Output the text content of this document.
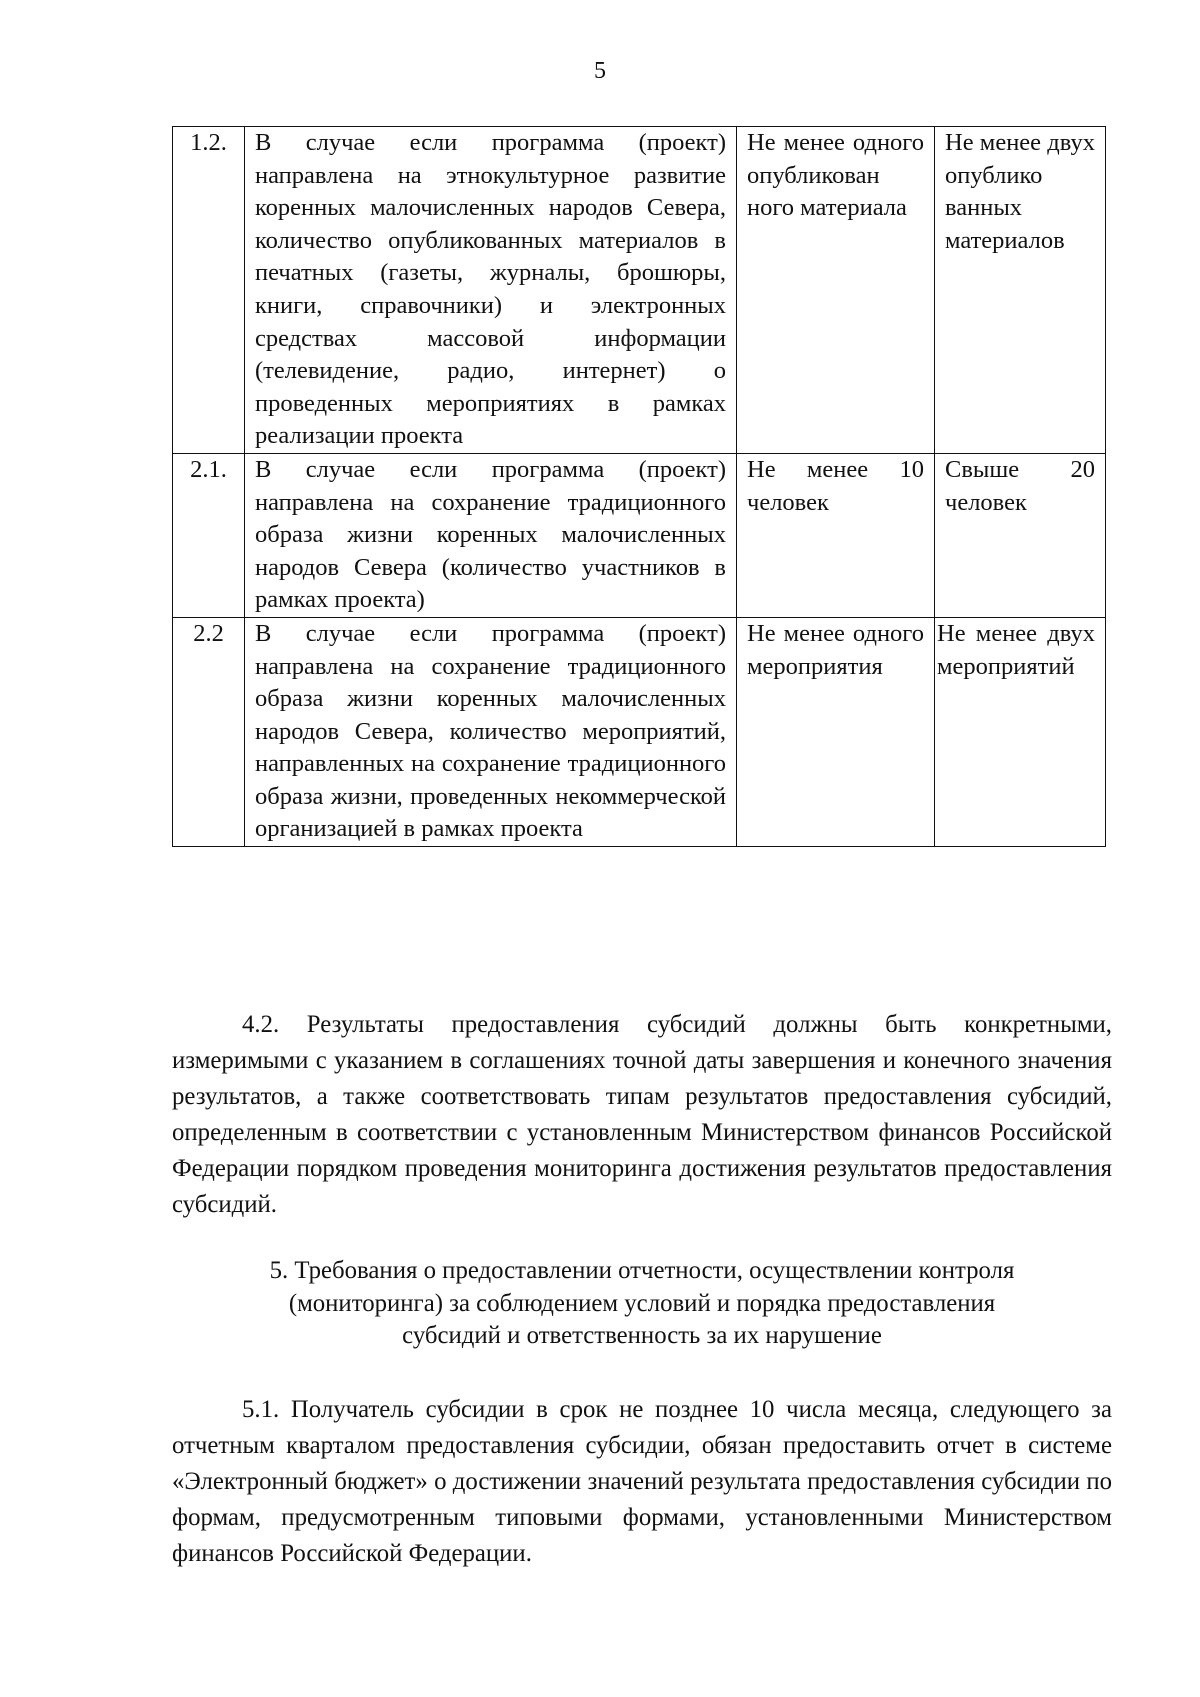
5
1.2.	В случае если программа (проект) направлена на этнокультурное развитие коренных малочисленных народов Севера, количество опубликованных материалов в печатных (газеты, журналы, брошюры, книги, справочники) и электронных средствах массовой информации (телевидение, радио, интернет) о проведенных мероприятиях в рамках реализации проекта	Не менее одного опубликован ного материала	Не менее двух опублико ванных материалов
2.1.	В случае если программа (проект) направлена на сохранение традиционного образа жизни коренных малочисленных народов Севера (количество участников в рамках проекта)	Не менее 10 человек	Свыше 20 человек
2.2	В случае если программа (проект) направлена на сохранение традиционного образа жизни коренных малочисленных народов Севера, количество мероприятий, направленных на сохранение традиционного образа жизни, проведенных некоммерческой организацией в рамках проекта	Не менее одного мероприятия	Не менее двух мероприятий

4.2. Результаты предоставления субсидий должны быть конкретными, измеримыми с указанием в соглашениях точной даты завершения и конечного значения результатов, а также соответствовать типам результатов предоставления субсидий, определенным в соответствии с установленным Министерством финансов Российской Федерации порядком проведения мониторинга достижения результатов предоставления субсидий.

5. Требования о предоставлении отчетности, осуществлении контроля
(мониторинга) за соблюдением условий и порядка предоставления
субсидий и ответственность за их нарушение

5.1. Получатель субсидии в срок не позднее 10 числа месяца, следующего за отчетным кварталом предоставления субсидии, обязан предоставить отчет в системе «Электронный бюджет» о достижении значений результата предоставления субсидии по формам, предусмотренным типовыми формами, установленными Министерством финансов Российской Федерации.
